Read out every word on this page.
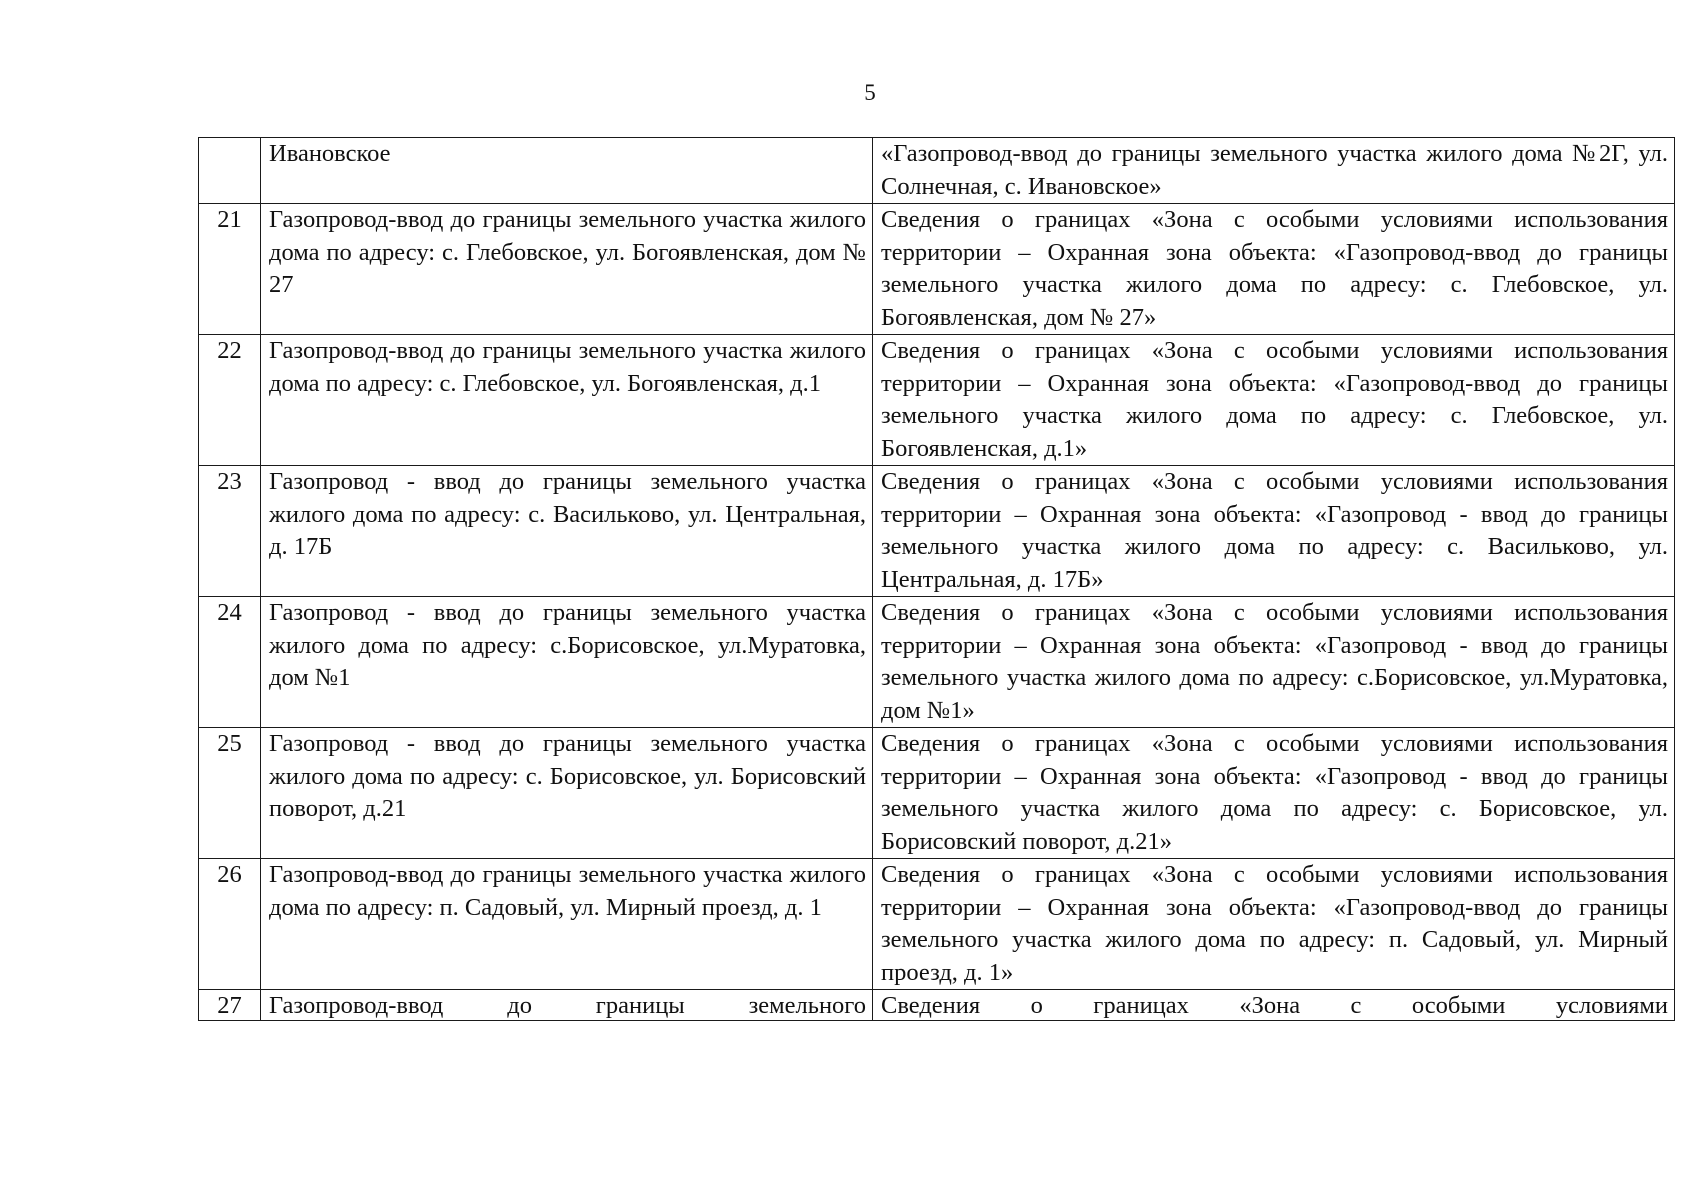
5
	Ивановское	«Газопровод-ввод до границы земельного участка жилого дома №2Г, ул. Солнечная, с. Ивановское»
21	Газопровод-ввод до границы земельного участка жилого дома по адресу: с. Глебовское, ул. Богоявленская, дом № 27	Сведения о границах «Зона с особыми условиями использования территории – Охранная зона объекта: «Газопровод-ввод до границы земельного участка жилого дома по адресу: с. Глебовское, ул. Богоявленская, дом № 27»
22	Газопровод-ввод до границы земельного участка жилого дома по адресу: с. Глебовское, ул. Богоявленская, д.1	Сведения о границах «Зона с особыми условиями использования территории – Охранная зона объекта: «Газопровод-ввод до границы земельного участка жилого дома по адресу: с. Глебовское, ул. Богоявленская, д.1»
23	Газопровод - ввод до границы земельного участка жилого дома по адресу: с. Васильково, ул. Центральная, д. 17Б	Сведения о границах «Зона с особыми условиями использования территории – Охранная зона объекта: «Газопровод - ввод до границы земельного участка жилого дома по адресу: с. Васильково, ул. Центральная, д. 17Б»
24	Газопровод - ввод до границы земельного участка жилого дома по адресу: с.Борисовское, ул.Муратовка, дом №1	Сведения о границах «Зона с особыми условиями использования территории – Охранная зона объекта: «Газопровод - ввод до границы земельного участка жилого дома по адресу: с.Борисовское, ул.Муратовка, дом №1»
25	Газопровод - ввод до границы земельного участка жилого дома по адресу: с. Борисовское, ул. Борисовский поворот, д.21	Сведения о границах «Зона с особыми условиями использования территории – Охранная зона объекта: «Газопровод - ввод до границы земельного участка жилого дома по адресу: с. Борисовское, ул. Борисовский поворот, д.21»
26	Газопровод-ввод до границы земельного участка жилого дома по адресу: п. Садовый, ул. Мирный проезд, д. 1	Сведения о границах «Зона с особыми условиями использования территории – Охранная зона объекта: «Газопровод-ввод до границы земельного участка жилого дома по адресу: п. Садовый, ул. Мирный проезд, д. 1»

27	Газопровод-ввод до границы земельного	Сведения о границах «Зона с особыми условиями
